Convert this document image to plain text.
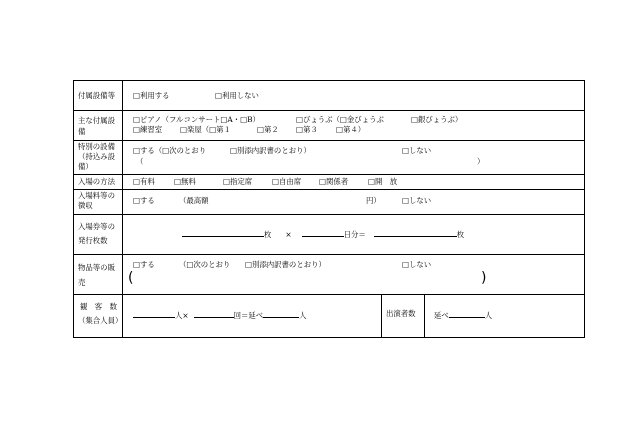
付属設備等 □利用する	□利用しない
主な付属設
備
□ピアノ（フルコンサート□A・□B）	□びょうぶ（□金びょうぶ	□銀びょうぶ）
□練習室 □楽屋（□第１	□第２ □第３ □第４）
特別の設備
（持込み設
備）
□する（□次のとおり	□別添内訳書のとおり）	□しない
（	）
入場の方法 □有料	□無料	□指定席	□自由席 □関係者	□開　放
入場料等の
徴収
□する	（最高額	円）	□しない
入場券等の
発行枚数
枚 ×	日分＝	枚
物品等の販
売
□する	（□次のとおり □別添内訳書のとおり）	□しない
(	)
観　客　数
（集合人員）
人×	回＝延べ	人	出演者数 延べ	人
